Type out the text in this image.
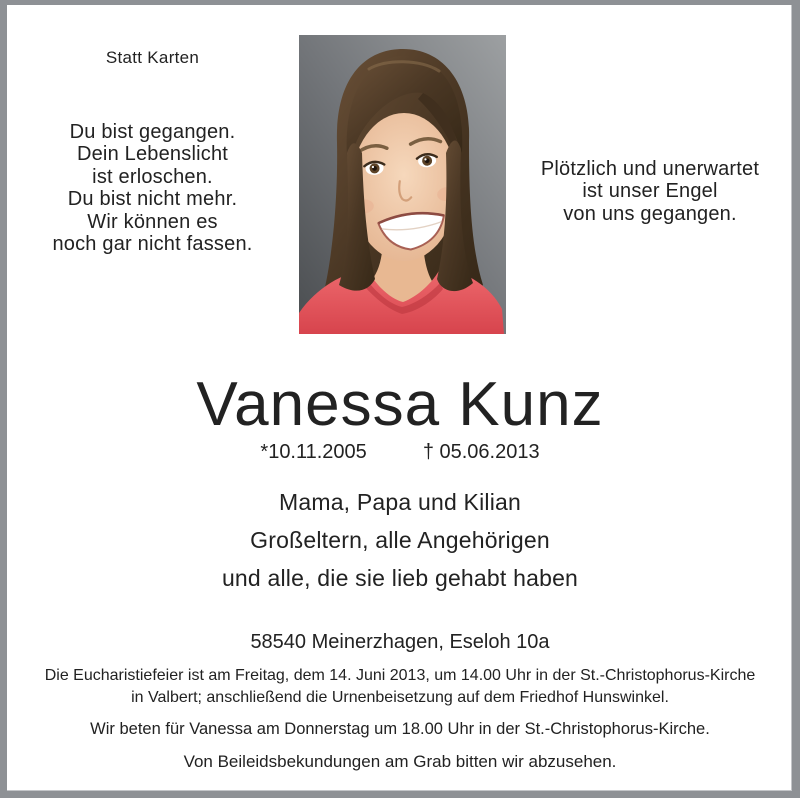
Statt Karten
Du bist gegangen.
Dein Lebenslicht
ist erloschen.
Du bist nicht mehr.
Wir können es
noch gar nicht fassen.
Plötzlich und unerwartet
ist unser Engel
von uns gegangen.
Vanessa Kunz
*10.11.2005	† 05.06.2013
Mama, Papa und Kilian
Großeltern, alle Angehörigen
und alle, die sie lieb gehabt haben
58540 Meinerzhagen, Eseloh 10a
Die Eucharistiefeier ist am Freitag, dem 14. Juni 2013, um 14.00 Uhr in der St.-Christophorus-Kirche
in Valbert; anschließend die Urnenbeisetzung auf dem Friedhof Hunswinkel.
Wir beten für Vanessa am Donnerstag um 18.00 Uhr in der St.-Christophorus-Kirche.
Von Beileidsbekundungen am Grab bitten wir abzusehen.
